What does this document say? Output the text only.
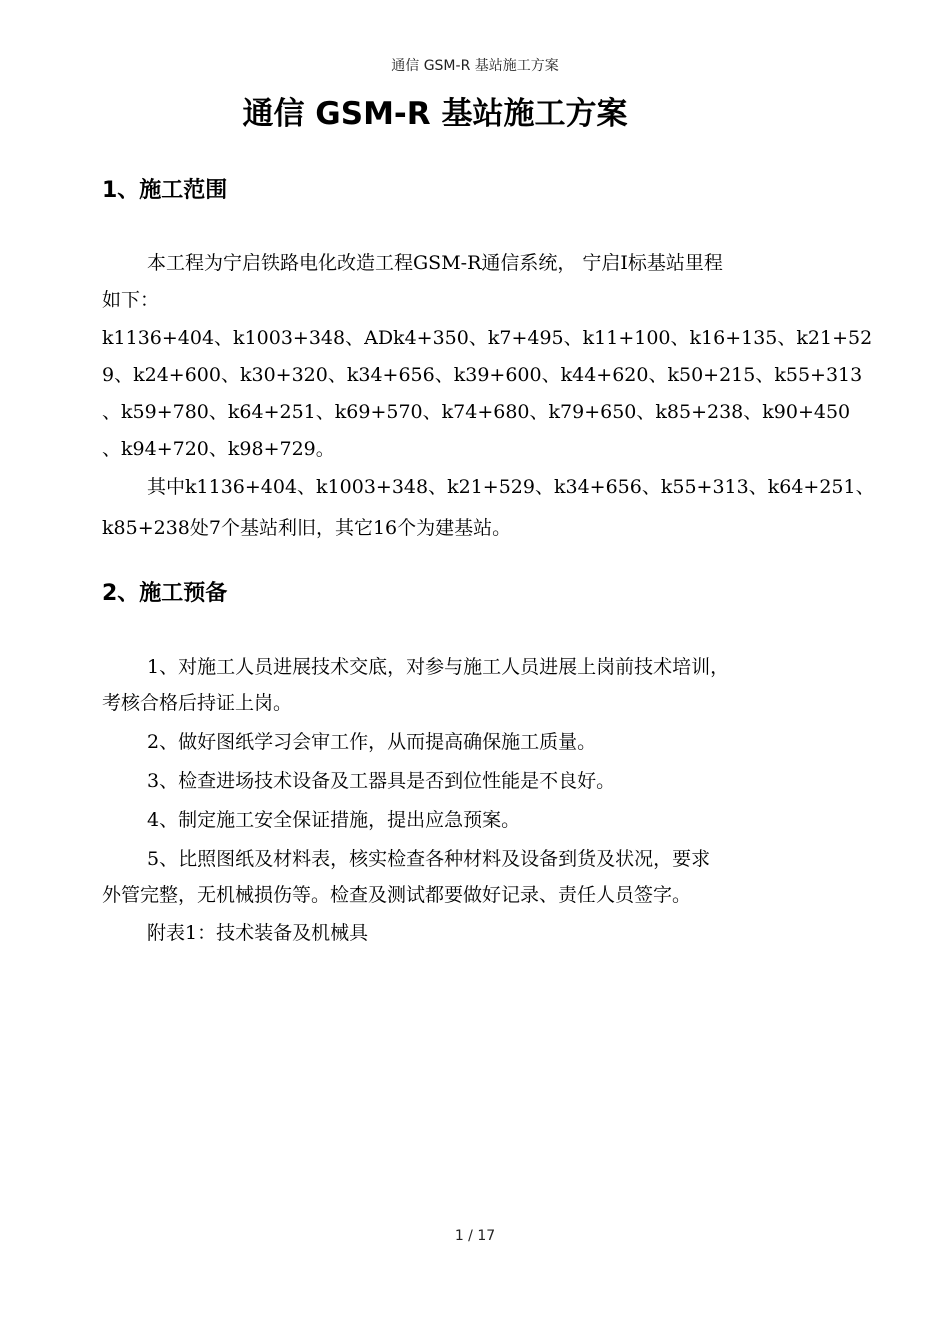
通信 GSM-R 基站施工方案
通信 GSM-R 基站施工方案
1、施工范围

本工程为宁启铁路电化改造工程GSM-R通信系统， 宁启Ⅰ标基站里程

如下：

k1136+404、k1003+348、ADk4+350、k7+495、k11+100、k16+135、k21+52

9、k24+600、k30+320、k34+656、k39+600、k44+620、k50+215、k55+313

、k59+780、k64+251、k69+570、k74+680、k79+650、k85+238、k90+450

、k94+720、k98+729。

其中k1136+404、k1003+348、k21+529、k34+656、k55+313、k64+251、

k85+238处7个基站利旧，其它16个为建基站。

2、施工预备

1、对施工人员进展技术交底，对参与施工人员进展上岗前技术培训，

考核合格后持证上岗。

2、做好图纸学习会审工作，从而提高确保施工质量。

3、检查进场技术设备及工器具是否到位性能是不良好。

4、制定施工安全保证措施，提出应急预案。

5、比照图纸及材料表，核实检查各种材料及设备到货及状况，要求

外管完整，无机械损伤等。检查及测试都要做好记录、责任人员签字。

附表1：技术装备及机械具

1 / 17
